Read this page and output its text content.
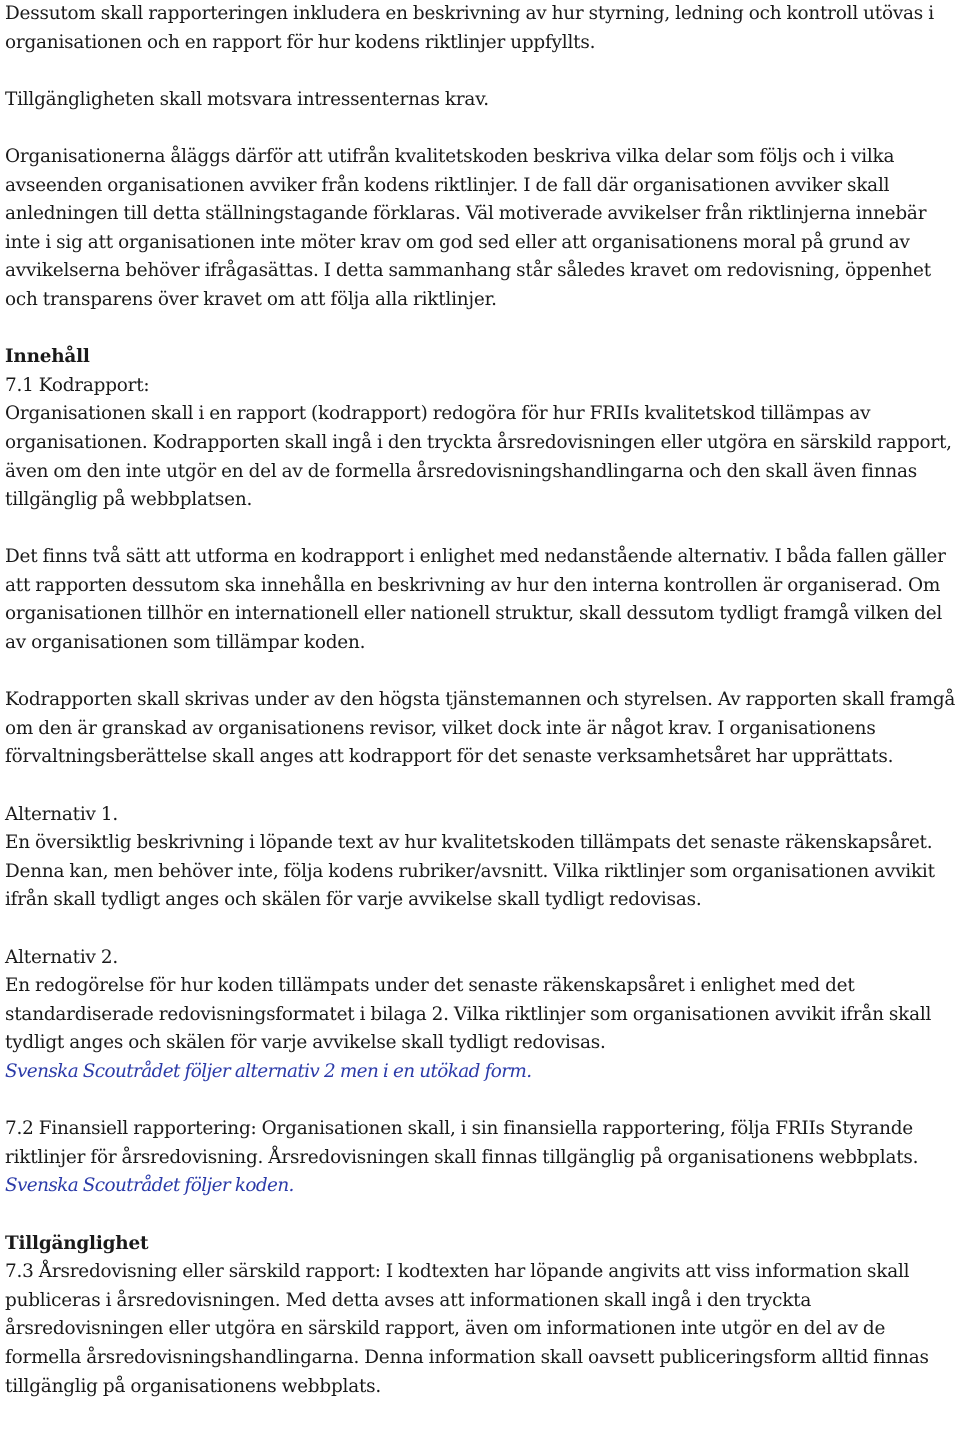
Dessutom skall rapporteringen inkludera en beskrivning av hur styrning, ledning och kontroll utövas i organisationen och en rapport för hur kodens riktlinjer uppfyllts.

Tillgängligheten skall motsvara intressenternas krav.

Organisationerna åläggs därför att utifrån kvalitetskoden beskriva vilka delar som följs och i vilka avseenden organisationen avviker från kodens riktlinjer. I de fall där organisationen avviker skall anledningen till detta ställningstagande förklaras. Väl motiverade avvikelser från riktlinjerna innebär inte i sig att organisationen inte möter krav om god sed eller att organisationens moral på grund av avvikelserna behöver ifrågasättas. I detta sammanhang står således kravet om redovisning, öppenhet och transparens över kravet om att följa alla riktlinjer.

Innehåll

7.1 Kodrapport:

Organisationen skall i en rapport (kodrapport) redogöra för hur FRIIs kvalitetskod tillämpas av organisationen. Kodrapporten skall ingå i den tryckta årsredovisningen eller utgöra en särskild rapport, även om den inte utgör en del av de formella årsredovisningshandlingarna och den skall även finnas tillgänglig på webbplatsen.

Det finns två sätt att utforma en kodrapport i enlighet med nedanstående alternativ. I båda fallen gäller att rapporten dessutom ska innehålla en beskrivning av hur den interna kontrollen är organiserad. Om organisationen tillhör en internationell eller nationell struktur, skall dessutom tydligt framgå vilken del av organisationen som tillämpar koden.

Kodrapporten skall skrivas under av den högsta tjänstemannen och styrelsen. Av rapporten skall framgå om den är granskad av organisationens revisor, vilket dock inte är något krav. I organisationens förvaltningsberättelse skall anges att kodrapport för det senaste verksamhetsåret har upprättats.

Alternativ 1.

En översiktlig beskrivning i löpande text av hur kvalitetskoden tillämpats det senaste räkenskapsåret. Denna kan, men behöver inte, följa kodens rubriker/avsnitt. Vilka riktlinjer som organisationen avvikit ifrån skall tydligt anges och skälen för varje avvikelse skall tydligt redovisas.

Alternativ 2.

En redogörelse för hur koden tillämpats under det senaste räkenskapsåret i enlighet med det standardiserade redovisningsformatet i bilaga 2. Vilka riktlinjer som organisationen avvikit ifrån skall tydligt anges och skälen för varje avvikelse skall tydligt redovisas.

Svenska Scoutrådet följer alternativ 2 men i en utökad form.

7.2 Finansiell rapportering: Organisationen skall, i sin finansiella rapportering, följa FRIIs Styrande riktlinjer för årsredovisning. Årsredovisningen skall finnas tillgänglig på organisationens webbplats.

Svenska Scoutrådet följer koden.

Tillgänglighet

7.3 Årsredovisning eller särskild rapport: I kodtexten har löpande angivits att viss information skall publiceras i årsredovisningen. Med detta avses att informationen skall ingå i den tryckta årsredovisningen eller utgöra en särskild rapport, även om informationen inte utgör en del av de formella årsredovisningshandlingarna. Denna information skall oavsett publiceringsform alltid finnas tillgänglig på organisationens webbplats.
